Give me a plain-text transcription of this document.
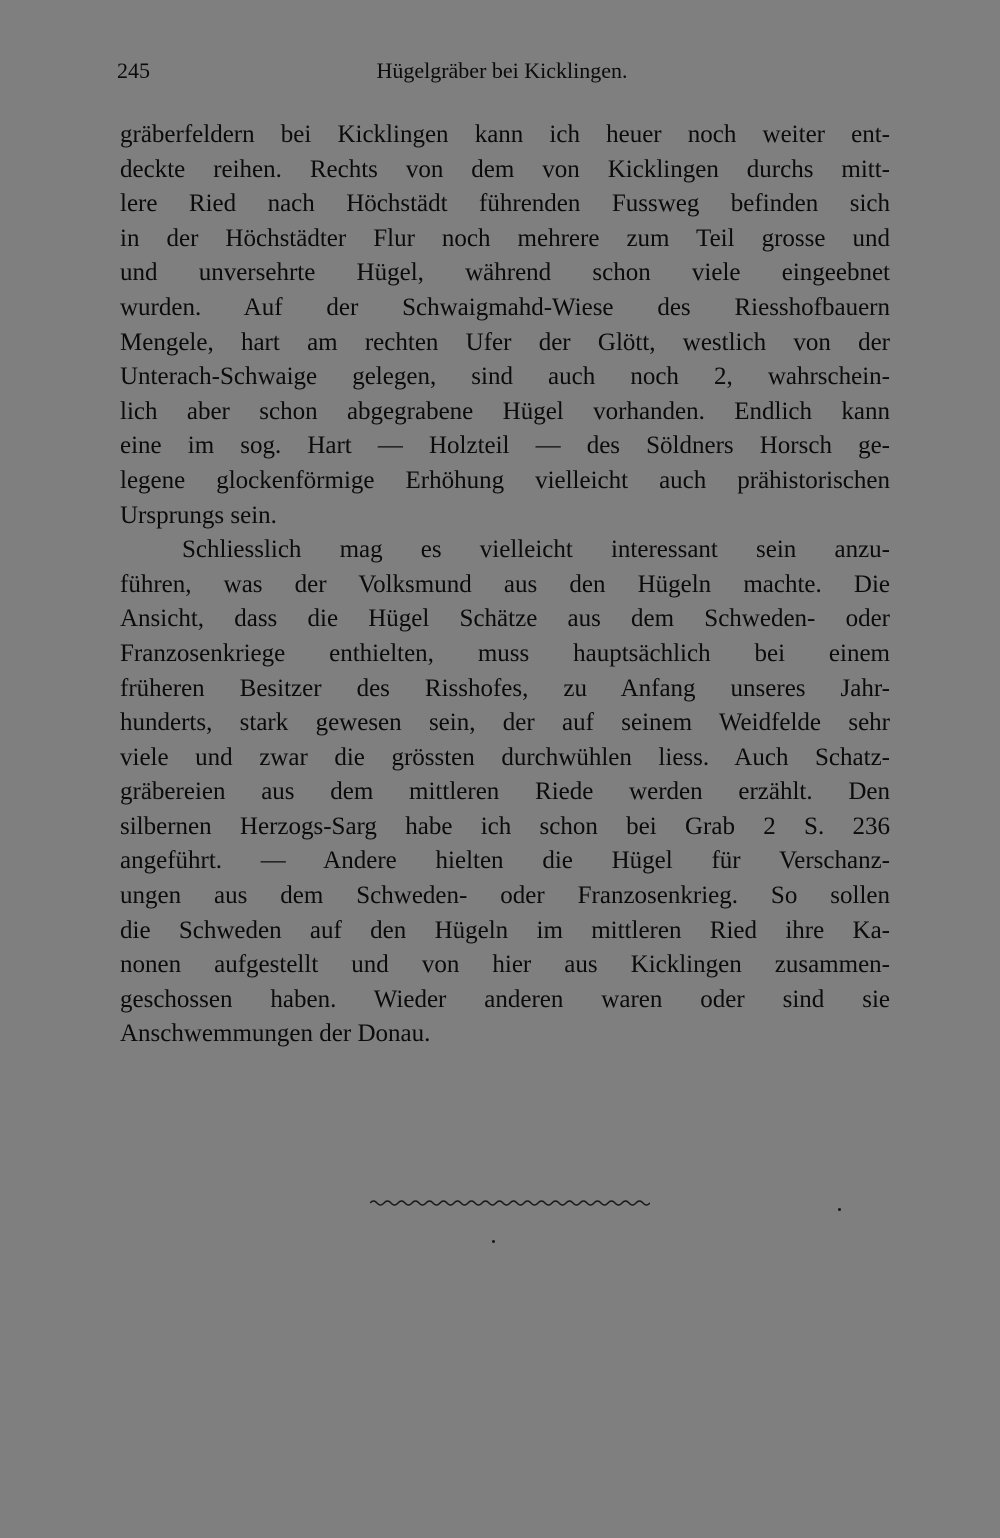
245	Hügelgräber bei Kicklingen.
gräberfeldern bei Kicklingen kann ich heuer noch weiter ent-
deckte reihen. Rechts von dem von Kicklingen durchs mitt-
lere Ried nach Höchstädt führenden Fussweg befinden sich
in der Höchstädter Flur noch mehrere zum Teil grosse und
und unversehrte Hügel, während schon viele eingeebnet
wurden. Auf der Schwaigmahd-Wiese des Riesshofbauern
Mengele, hart am rechten Ufer der Glött, westlich von der
Unterach-Schwaige gelegen, sind auch noch 2, wahrschein-
lich aber schon abgegrabene Hügel vorhanden. Endlich kann
eine im sog. Hart — Holzteil — des Söldners Horsch ge-
legene glockenförmige Erhöhung vielleicht auch prähistorischen
Ursprungs sein.
Schliesslich mag es vielleicht interessant sein anzu-
führen, was der Volksmund aus den Hügeln machte. Die
Ansicht, dass die Hügel Schätze aus dem Schweden- oder
Franzosenkriege enthielten, muss hauptsächlich bei einem
früheren Besitzer des Risshofes, zu Anfang unseres Jahr-
hunderts, stark gewesen sein, der auf seinem Weidfelde sehr
viele und zwar die grössten durchwühlen liess. Auch Schatz-
gräbereien aus dem mittleren Riede werden erzählt. Den
silbernen Herzogs-Sarg habe ich schon bei Grab 2 S. 236
angeführt. — Andere hielten die Hügel für Verschanz-
ungen aus dem Schweden- oder Franzosenkrieg. So sollen
die Schweden auf den Hügeln im mittleren Ried ihre Ka-
nonen aufgestellt und von hier aus Kicklingen zusammen-
geschossen haben. Wieder anderen waren oder sind sie
Anschwemmungen der Donau.
